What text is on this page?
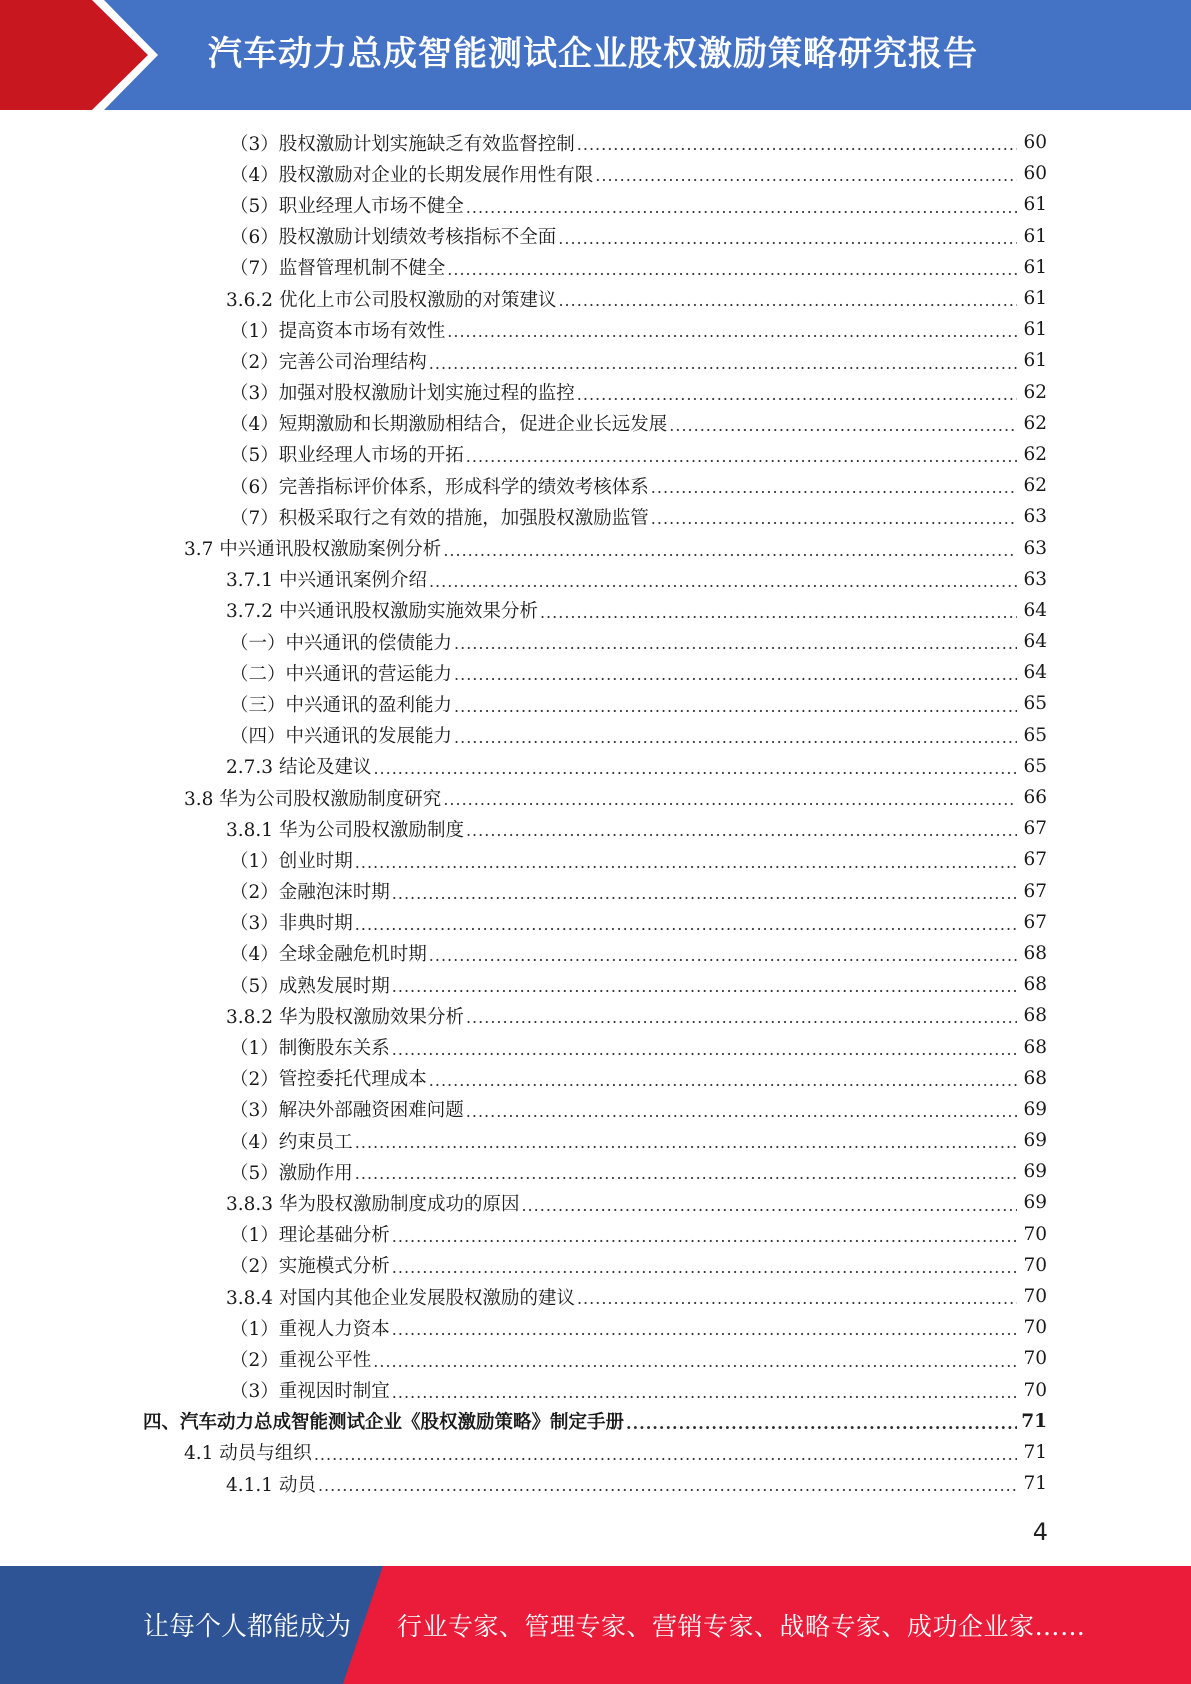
汽车动力总成智能测试企业股权激励策略研究报告
（3）股权激励计划实施缺乏有效监督控制 .....	60
（4）股权激励对企业的长期发展作用性有限 .....	60
（5）职业经理人市场不健全 .....	61
（6）股权激励计划绩效考核指标不全面 .....	61
（7）监督管理机制不健全 .....	61
3.6.2 优化上市公司股权激励的对策建议 .....	61
（1）提高资本市场有效性 .....	61
（2）完善公司治理结构 .....	61
（3）加强对股权激励计划实施过程的监控 .....	62
（4）短期激励和长期激励相结合，促进企业长远发展 .....	62
（5）职业经理人市场的开拓 .....	62
（6）完善指标评价体系，形成科学的绩效考核体系 .....	62
（7）积极采取行之有效的措施，加强股权激励监管 .....	63
3.7 中兴通讯股权激励案例分析 .....	63
3.7.1 中兴通讯案例介绍 .....	63
3.7.2 中兴通讯股权激励实施效果分析 .....	64
（一）中兴通讯的偿债能力 .....	64
（二）中兴通讯的营运能力 .....	64
（三）中兴通讯的盈利能力 .....	65
（四）中兴通讯的发展能力 .....	65
2.7.3 结论及建议 .....	65
3.8 华为公司股权激励制度研究 .....	66
3.8.1 华为公司股权激励制度 .....	67
（1）创业时期 .....	67
（2）金融泡沫时期 .....	67
（3）非典时期 .....	67
（4）全球金融危机时期 .....	68
（5）成熟发展时期 .....	68
3.8.2 华为股权激励效果分析 .....	68
（1）制衡股东关系 .....	68
（2）管控委托代理成本 .....	68
（3）解决外部融资困难问题 .....	69
（4）约束员工 .....	69
（5）激励作用 .....	69
3.8.3 华为股权激励制度成功的原因 .....	69
（1）理论基础分析 .....	70
（2）实施模式分析 .....	70
3.8.4 对国内其他企业发展股权激励的建议 .....	70
（1）重视人力资本 .....	70
（2）重视公平性 .....	70
（3）重视因时制宜 .....	70
四、汽车动力总成智能测试企业《股权激励策略》制定手册 .....	71
4.1 动员与组织 .....	71
4.1.1 动员 .....	71
4
让每个人都能成为 行业专家、管理专家、营销专家、战略专家、成功企业家……
